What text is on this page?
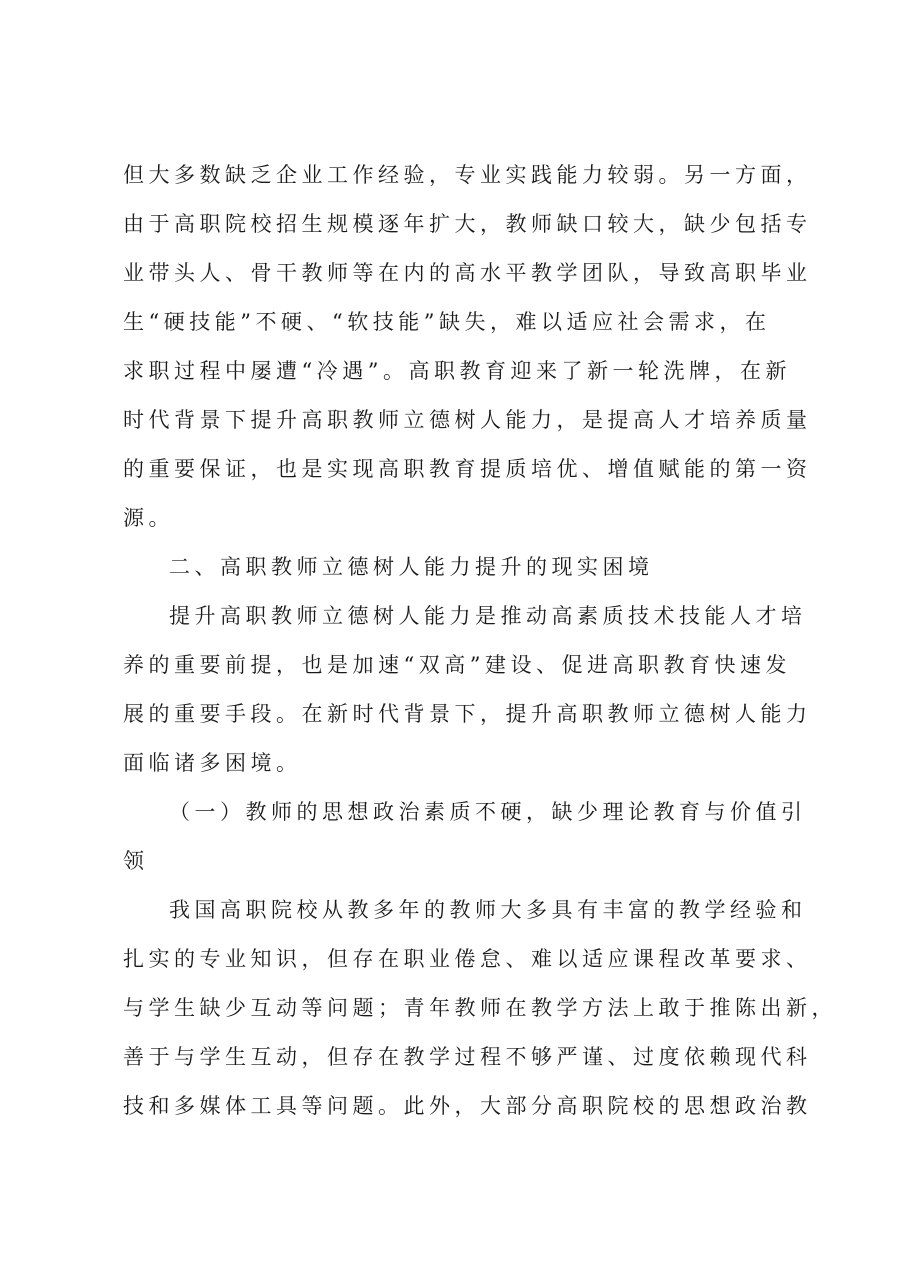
但大多数缺乏企业工作经验，专业实践能力较弱。另一方面，
由于高职院校招生规模逐年扩大，教师缺口较大，缺少包括专
业带头人、骨干教师等在内的高水平教学团队，导致高职毕业
生“硬技能”不硬、“软技能”缺失，难以适应社会需求，在
求职过程中屡遭“冷遇”。高职教育迎来了新一轮洗牌，在新
时代背景下提升高职教师立德树人能力，是提高人才培养质量
的重要保证，也是实现高职教育提质培优、增值赋能的第一资
源。
二、高职教师立德树人能力提升的现实困境
提升高职教师立德树人能力是推动高素质技术技能人才培
养的重要前提，也是加速“双高”建设、促进高职教育快速发
展的重要手段。在新时代背景下，提升高职教师立德树人能力
面临诸多困境。
（一）教师的思想政治素质不硬，缺少理论教育与价值引
领
我国高职院校从教多年的教师大多具有丰富的教学经验和
扎实的专业知识，但存在职业倦怠、难以适应课程改革要求、
与学生缺少互动等问题；青年教师在教学方法上敢于推陈出新，
善于与学生互动，但存在教学过程不够严谨、过度依赖现代科
技和多媒体工具等问题。此外，大部分高职院校的思想政治教
